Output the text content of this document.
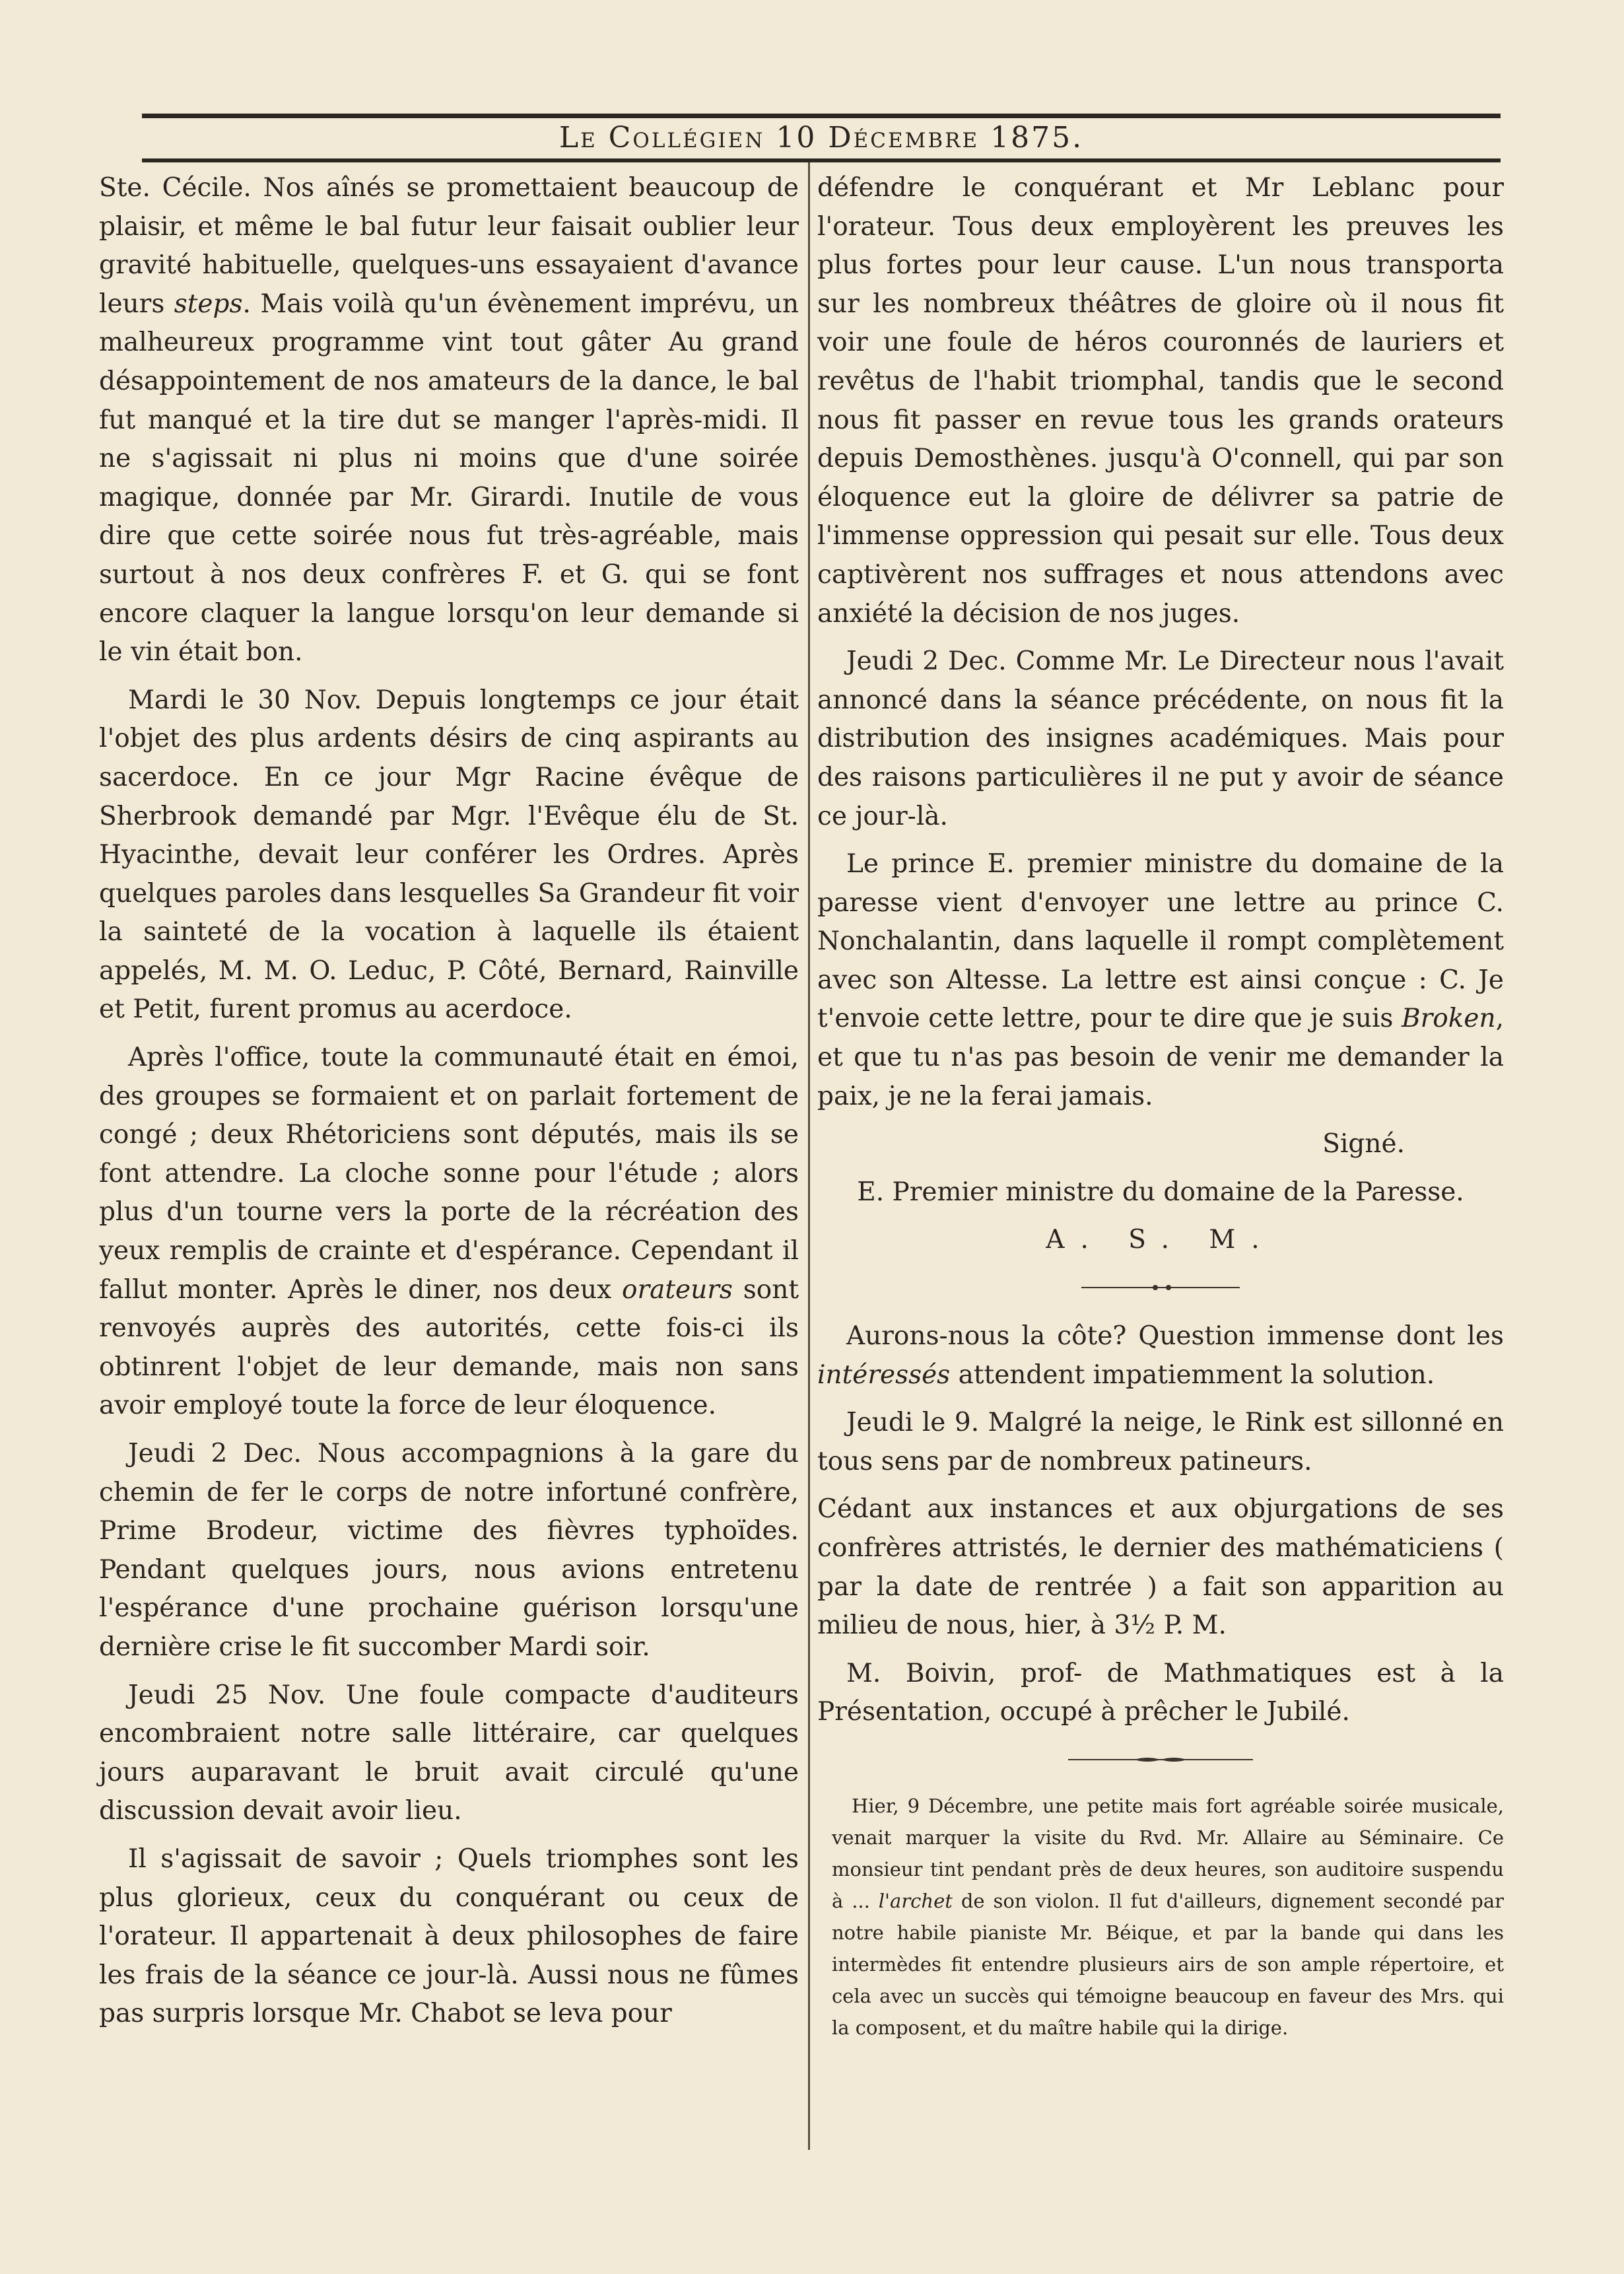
Le Collégien 10 Décembre 1875.

Ste. Cécile. Nos aînés se promettaient beaucoup de plaisir, et même le bal futur leur faisait oublier leur gravité habituelle, quelques-uns essayaient d'avance leurs steps. Mais voilà qu'un évènement imprévu, un malheureux programme vint tout gâter Au grand désappointement de nos amateurs de la dance, le bal fut manqué et la tire dut se manger l'après-midi. Il ne s'agissait ni plus ni moins que d'une soirée magique, donnée par Mr. Girardi. Inutile de vous dire que cette soirée nous fut très-agréable, mais surtout à nos deux confrères F. et G. qui se font encore claquer la langue lorsqu'on leur demande si le vin était bon.

Mardi le 30 Nov. Depuis longtemps ce jour était l'objet des plus ardents désirs de cinq aspirants au sacerdoce. En ce jour Mgr Racine évêque de Sherbrook demandé par Mgr. l'Evêque élu de St. Hyacinthe, devait leur conférer les Ordres. Après quelques paroles dans lesquelles Sa Grandeur fit voir la sainteté de la vocation à laquelle ils étaient appelés, M. M. O. Leduc, P. Côté, Bernard, Rainville et Petit, furent promus au acerdoce.

Après l'office, toute la communauté était en émoi, des groupes se formaient et on parlait fortement de congé ; deux Rhétoriciens sont députés, mais ils se font attendre. La cloche sonne pour l'étude ; alors plus d'un tourne vers la porte de la récréation des yeux remplis de crainte et d'espérance. Cependant il fallut monter. Après le diner, nos deux orateurs sont renvoyés auprès des autorités, cette fois-ci ils obtinrent l'objet de leur demande, mais non sans avoir employé toute la force de leur éloquence.

Jeudi 2 Dec. Nous accompagnions à la gare du chemin de fer le corps de notre infortuné confrère, Prime Brodeur, victime des fièvres typhoïdes. Pendant quelques jours, nous avions entretenu l'espérance d'une prochaine guérison lorsqu'une dernière crise le fit succomber Mardi soir.

Jeudi 25 Nov. Une foule compacte d'auditeurs encombraient notre salle littéraire, car quelques jours auparavant le bruit avait circulé qu'une discussion devait avoir lieu.

Il s'agissait de savoir ; Quels triomphes sont les plus glorieux, ceux du conquérant ou ceux de l'orateur. Il appartenait à deux philosophes de faire les frais de la séance ce jour-là. Aussi nous ne fûmes pas surpris lorsque Mr. Chabot se leva pour

défendre le conquérant et Mr Leblanc pour l'orateur. Tous deux employèrent les preuves les plus fortes pour leur cause. L'un nous transporta sur les nombreux théâtres de gloire où il nous fit voir une foule de héros couronnés de lauriers et revêtus de l'habit triomphal, tandis que le second nous fit passer en revue tous les grands orateurs depuis Demosthènes. jusqu'à O'connell, qui par son éloquence eut la gloire de délivrer sa patrie de l'immense oppression qui pesait sur elle. Tous deux captivèrent nos suffrages et nous attendons avec anxiété la décision de nos juges.

Jeudi 2 Dec. Comme Mr. Le Directeur nous l'avait annoncé dans la séance précédente, on nous fit la distribution des insignes académiques. Mais pour des raisons particulières il ne put y avoir de séance ce jour-là.

Le prince E. premier ministre du domaine de la paresse vient d'envoyer une lettre au prince C. Nonchalantin, dans laquelle il rompt complètement avec son Altesse. La lettre est ainsi conçue : C. Je t'envoie cette lettre, pour te dire que je suis Broken, et que tu n'as pas besoin de venir me demander la paix, je ne la ferai jamais.

Signé.

E. Premier ministre du domaine de la Paresse.

A. S. M.

Aurons-nous la côte? Question immense dont les intéressés attendent impatiemment la solution.

Jeudi le 9. Malgré la neige, le Rink est sillonné en tous sens par de nombreux patineurs.

Cédant aux instances et aux objurgations de ses confrères attristés, le dernier des mathématiciens ( par la date de rentrée ) a fait son apparition au milieu de nous, hier, à 3½ P. M.

M. Boivin, prof- de Mathmatiques est à la Présentation, occupé à prêcher le Jubilé.

Hier, 9 Décembre, une petite mais fort agréable soirée musicale, venait marquer la visite du Rvd. Mr. Allaire au Séminaire. Ce monsieur tint pendant près de deux heures, son auditoire suspendu à ... l'archet de son violon. Il fut d'ailleurs, dignement secondé par notre habile pianiste Mr. Béique, et par la bande qui dans les intermèdes fit entendre plusieurs airs de son ample répertoire, et cela avec un succès qui témoigne beaucoup en faveur des Mrs. qui la composent, et du maître habile qui la dirige.
